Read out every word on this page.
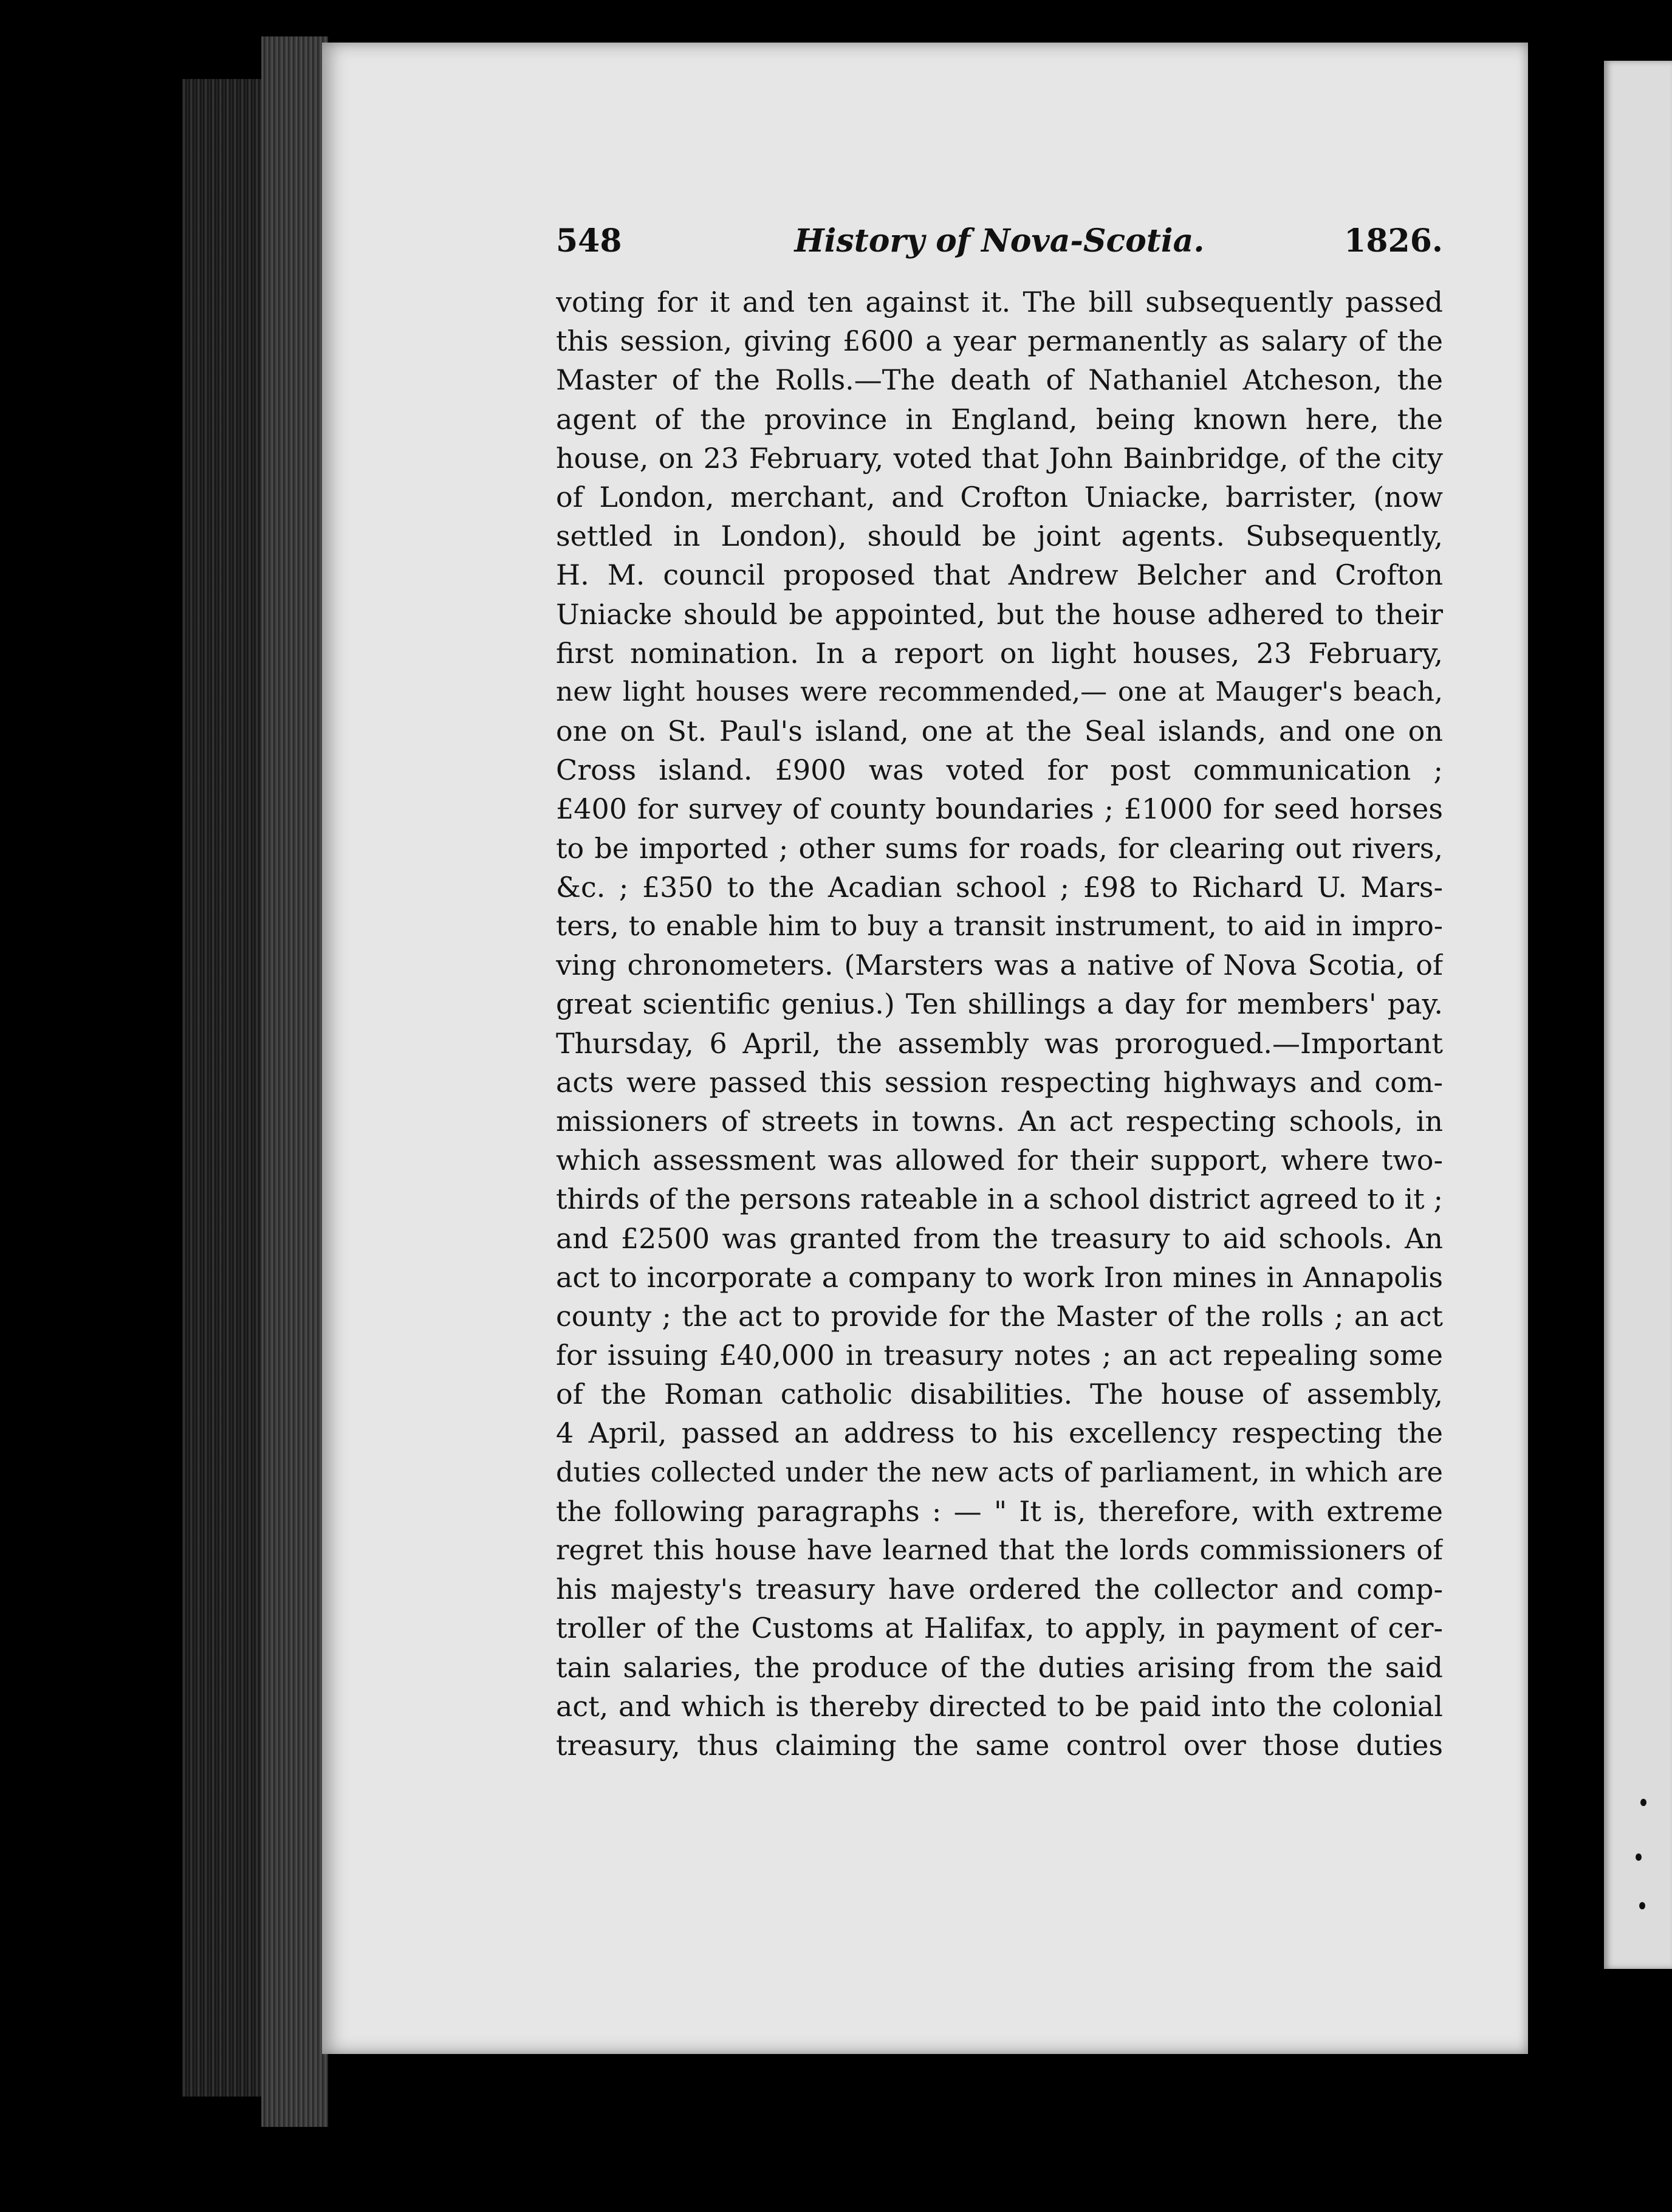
548	History of Nova-Scotia.	1826.
voting for it and ten against it. The bill subsequently passed
this session, giving £600 a year permanently as salary of the
Master of the Rolls.—The death of Nathaniel Atcheson, the
agent of the province in England, being known here, the
house, on 23 February, voted that John Bainbridge, of the city
of London, merchant, and Crofton Uniacke, barrister, (now
settled in London), should be joint agents. Subsequently,
H. M. council proposed that Andrew Belcher and Crofton
Uniacke should be appointed, but the house adhered to their
first nomination. In a report on light houses, 23 February,
new light houses were recommended,— one at Mauger's beach,
one on St. Paul's island, one at the Seal islands, and one on
Cross island. £900 was voted for post communication ;
£400 for survey of county boundaries ; £1000 for seed horses
to be imported ; other sums for roads, for clearing out rivers,
&c. ; £350 to the Acadian school ; £98 to Richard U. Mars-
ters, to enable him to buy a transit instrument, to aid in impro-
ving chronometers. (Marsters was a native of Nova Scotia, of
great scientific genius.) Ten shillings a day for members' pay.
Thursday, 6 April, the assembly was prorogued.—Important
acts were passed this session respecting highways and com-
missioners of streets in towns. An act respecting schools, in
which assessment was allowed for their support, where two-
thirds of the persons rateable in a school district agreed to it ;
and £2500 was granted from the treasury to aid schools. An
act to incorporate a company to work Iron mines in Annapolis
county ; the act to provide for the Master of the rolls ; an act
for issuing £40,000 in treasury notes ; an act repealing some
of the Roman catholic disabilities. The house of assembly,
4 April, passed an address to his excellency respecting the
duties collected under the new acts of parliament, in which are
the following paragraphs : — " It is, therefore, with extreme
regret this house have learned that the lords commissioners of
his majesty's treasury have ordered the collector and comp-
troller of the Customs at Halifax, to apply, in payment of cer-
tain salaries, the produce of the duties arising from the said
act, and which is thereby directed to be paid into the colonial
treasury, thus claiming the same control over those duties
